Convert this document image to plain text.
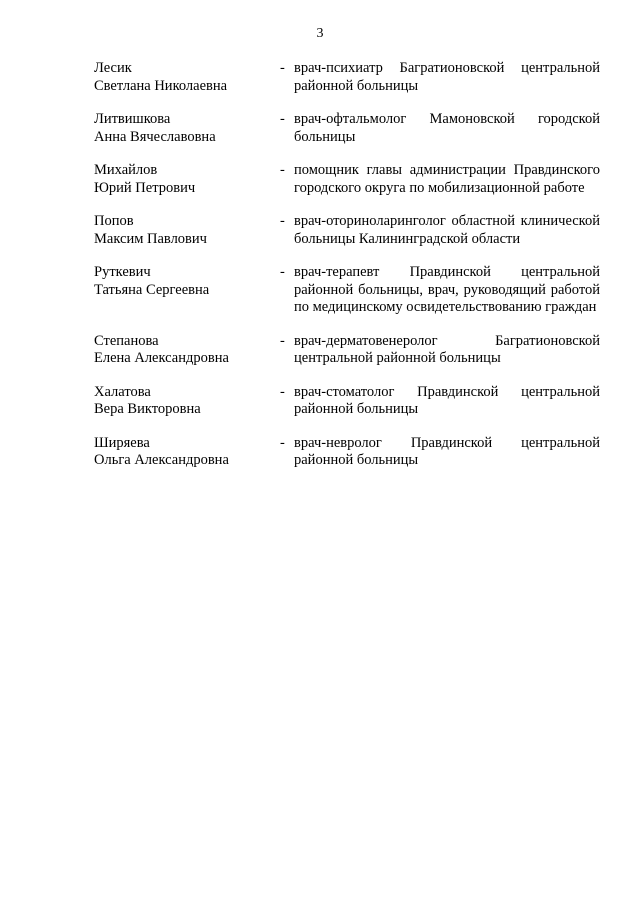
3
Лесик
Светлана Николаевна
- врач-психиатр Багратионовской центральной районной больницы
Литвишкова
Анна Вячеславовна
- врач-офтальмолог Мамоновской городской больницы
Михайлов
Юрий Петрович
- помощник главы администрации Правдинского городского округа по мобилизационной работе
Попов
Максим Павлович
- врач-оториноларинголог областной клинической больницы Калининградской области
Руткевич
Татьяна Сергеевна
- врач-терапевт Правдинской центральной районной больницы, врач, руководящий работой по медицинскому освидетельствованию граждан
Степанова
Елена Александровна
- врач-дерматовенеролог Багратионовской центральной районной больницы
Халатова
Вера Викторовна
- врач-стоматолог Правдинской центральной районной больницы
Ширяева
Ольга Александровна
- врач-невролог Правдинской центральной районной больницы
